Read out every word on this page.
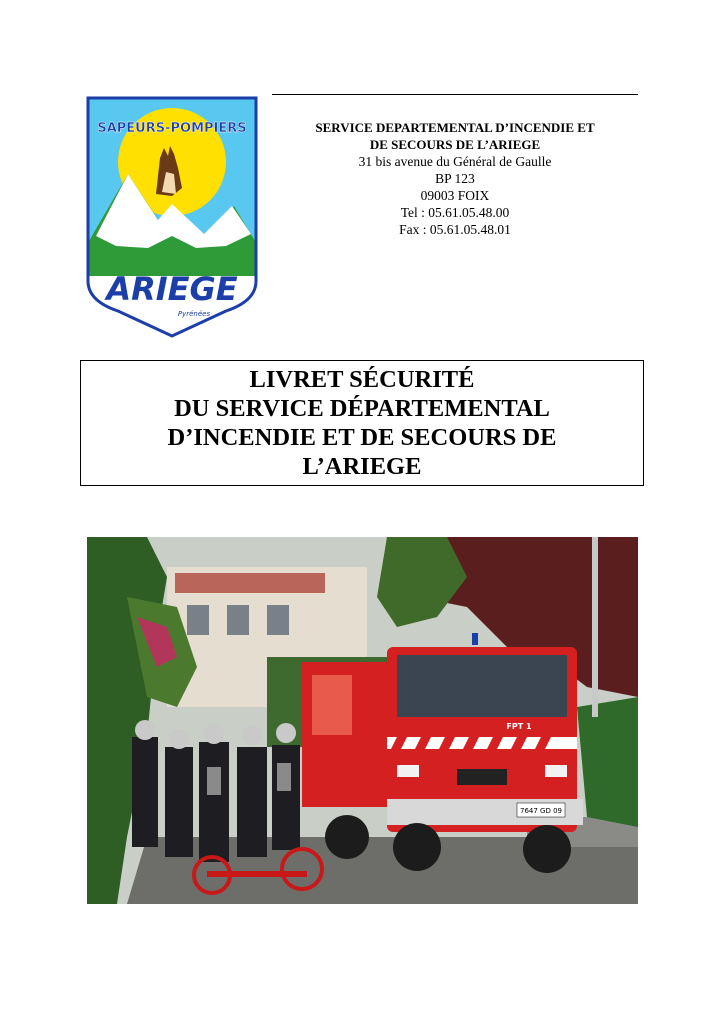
SAPEURS-POMPIERS
ARIEGE
Pyrénées
SERVICE DEPARTEMENTAL D’INCENDIE ET
DE SECOURS DE L’ARIEGE
31 bis avenue du Général de Gaulle
BP 123
09003 FOIX
Tel : 05.61.05.48.00
Fax : 05.61.05.48.01
LIVRET SÉCURITÉ
DU SERVICE DÉPARTEMENTAL
D’INCENDIE ET DE SECOURS DE
L’ARIEGE
7647 GD 09
FPT 1
